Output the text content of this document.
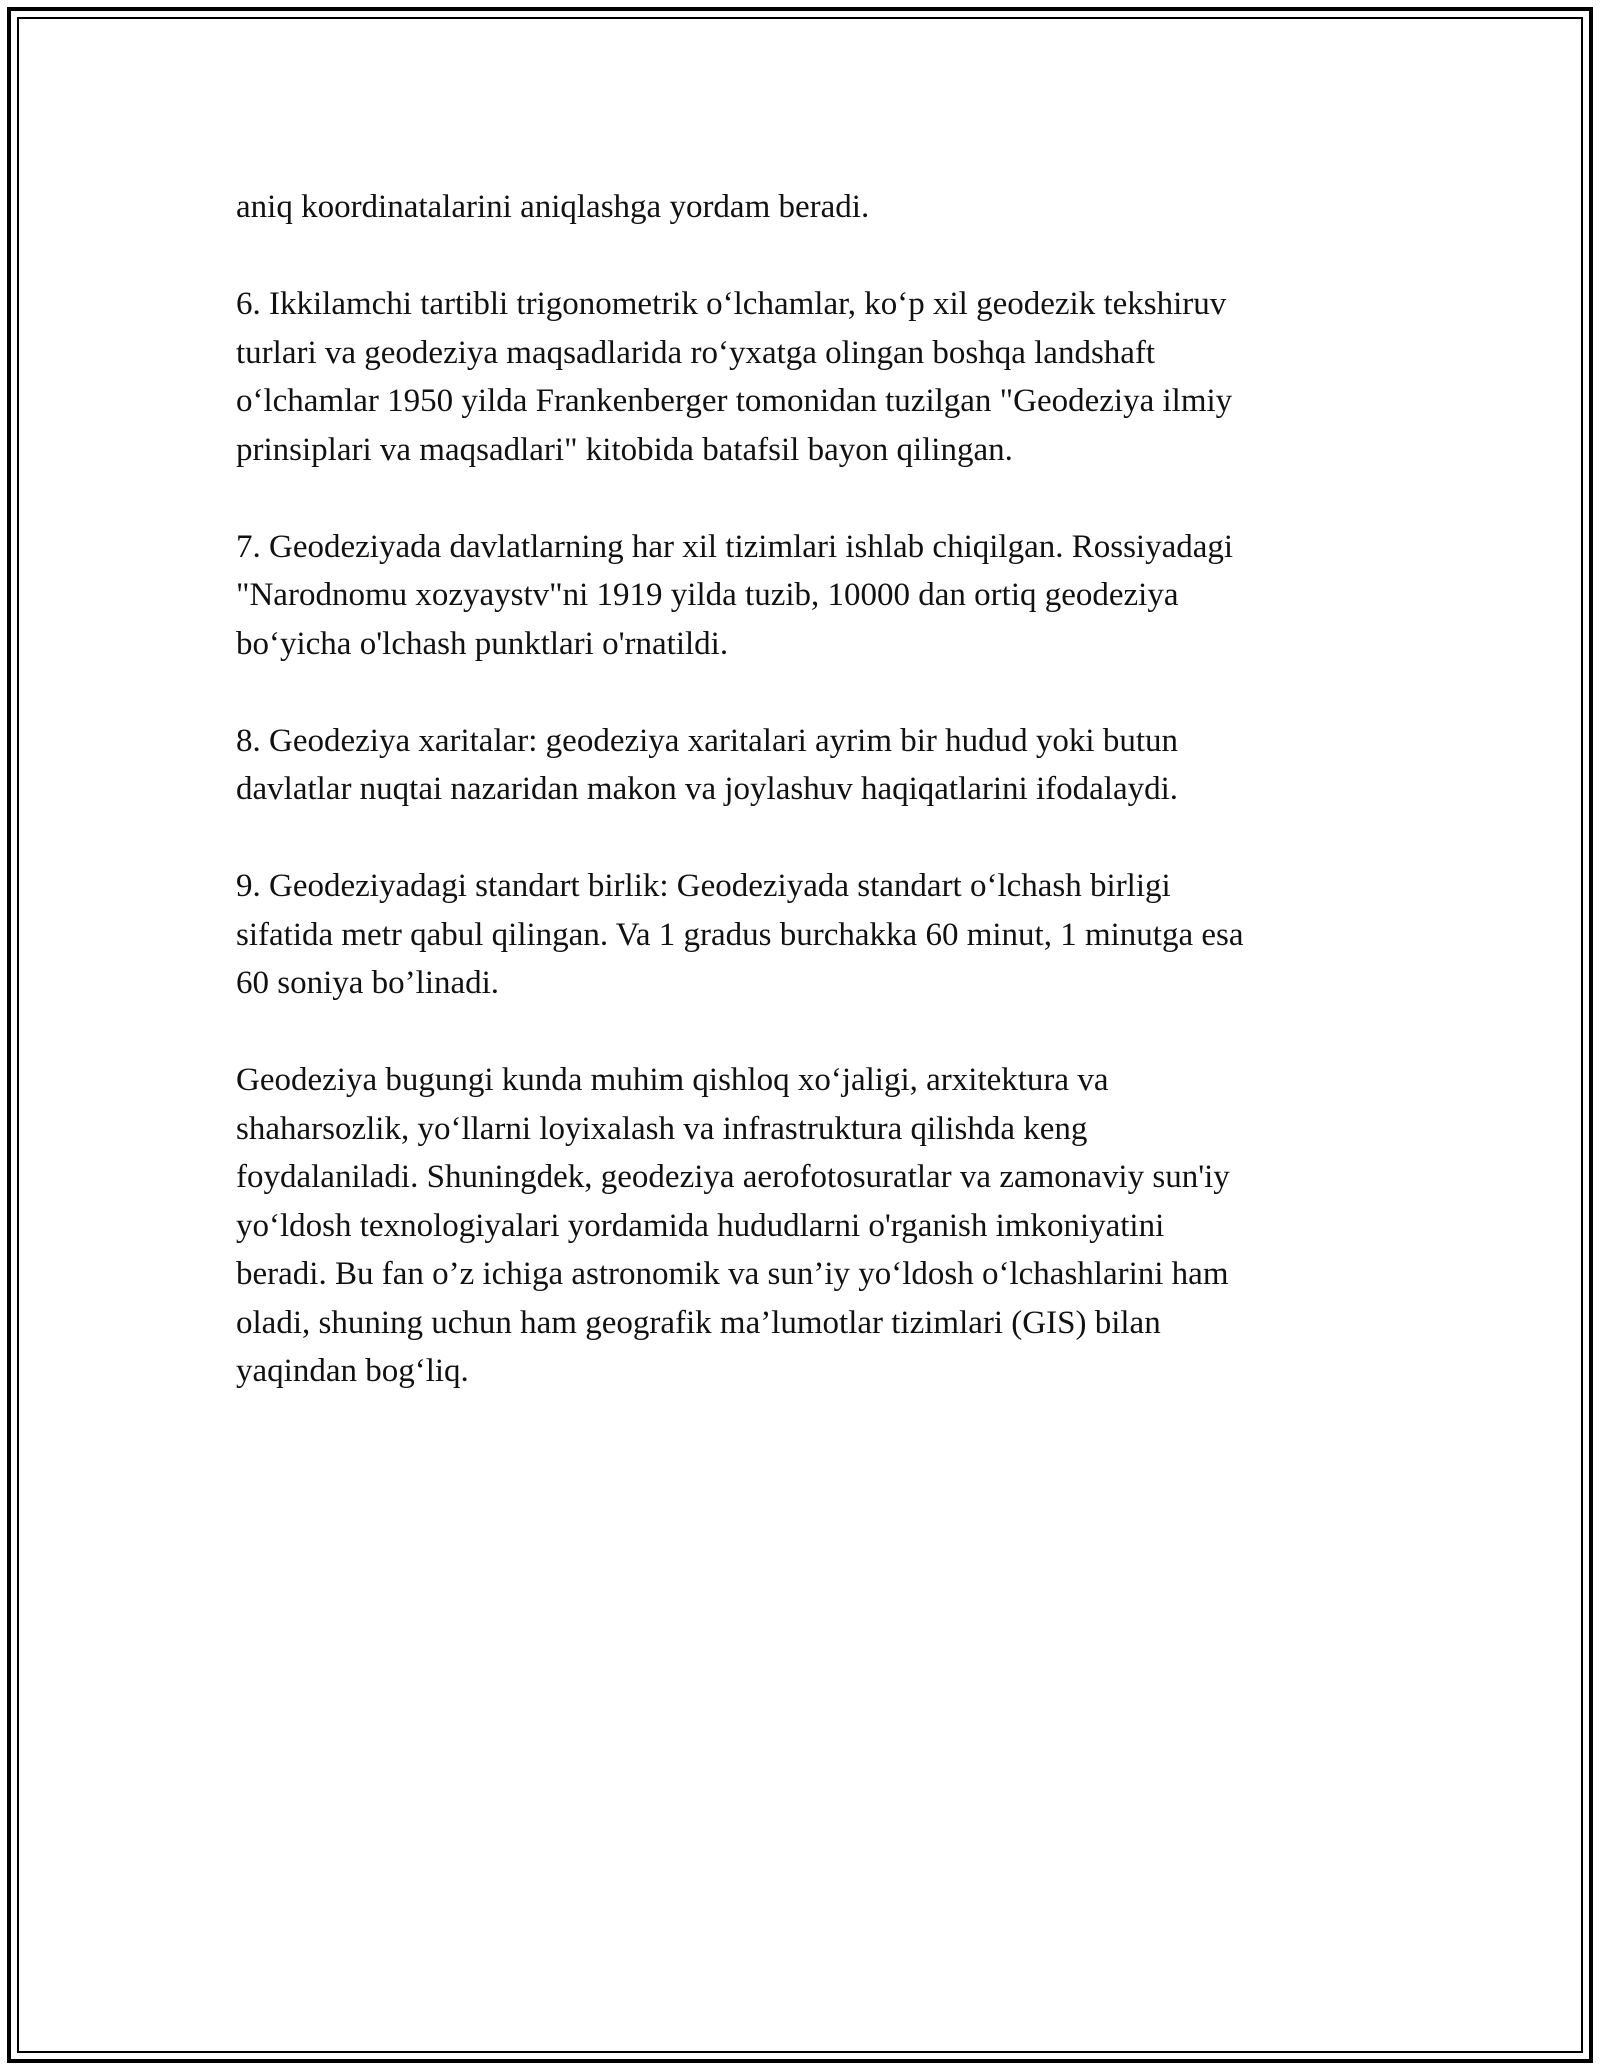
aniq koordinatalarini aniqlashga yordam beradi.

6. Ikkilamchi tartibli trigonometrik o‘lchamlar, ko‘p xil geodezik tekshiruv
turlari va geodeziya maqsadlarida ro‘yxatga olingan boshqa landshaft
o‘lchamlar 1950 yilda Frankenberger tomonidan tuzilgan "Geodeziya ilmiy
prinsiplari va maqsadlari" kitobida batafsil bayon qilingan.

7. Geodeziyada davlatlarning har xil tizimlari ishlab chiqilgan. Rossiyadagi
"Narodnomu xozyaystv"ni 1919 yilda tuzib, 10000 dan ortiq geodeziya
bo‘yicha o'lchash punktlari o'rnatildi.

8. Geodeziya xaritalar: geodeziya xaritalari ayrim bir hudud yoki butun
davlatlar nuqtai nazaridan makon va joylashuv haqiqatlarini ifodalaydi.

9. Geodeziyadagi standart birlik: Geodeziyada standart o‘lchash birligi
sifatida metr qabul qilingan. Va 1 gradus burchakka 60 minut, 1 minutga esa
60 soniya bo’linadi.

Geodeziya bugungi kunda muhim qishloq xo‘jaligi, arxitektura va
shaharsozlik, yo‘llarni loyixalash va infrastruktura qilishda keng
foydalaniladi. Shuningdek, geodeziya aerofotosuratlar va zamonaviy sun'iy
yo‘ldosh texnologiyalari yordamida hududlarni o'rganish imkoniyatini
beradi. Bu fan o’z ichiga astronomik va sun’iy yo‘ldosh o‘lchashlarini ham
oladi, shuning uchun ham geografik ma’lumotlar tizimlari (GIS) bilan
yaqindan bog‘liq.
